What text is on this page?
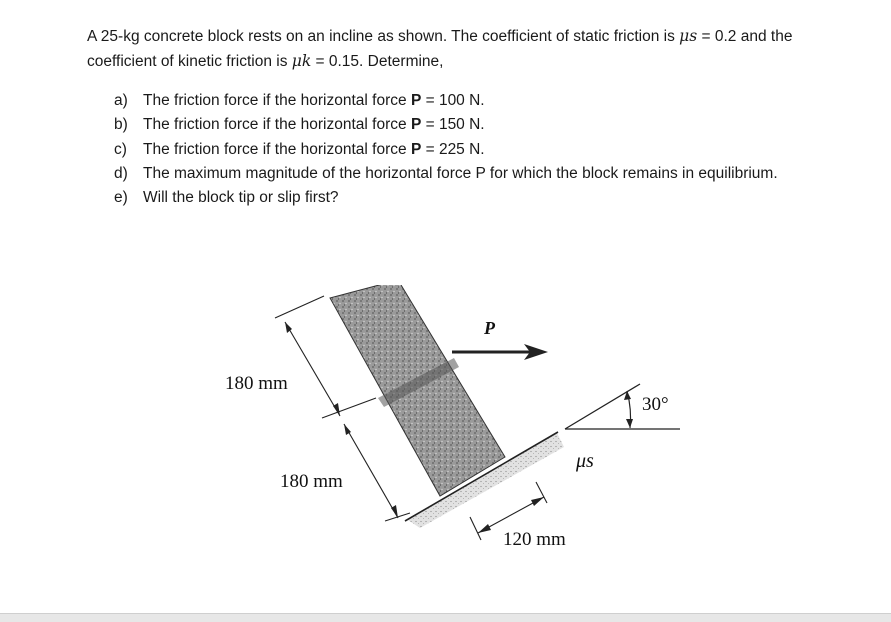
A 25-kg concrete block rests on an incline as shown. The coefficient of static friction is μs = 0.2 and the coefficient of kinetic friction is μk = 0.15. Determine,

a) The friction force if the horizontal force P = 100 N.
b) The friction force if the horizontal force P = 150 N.
c) The friction force if the horizontal force P = 225 N.
d) The maximum magnitude of the horizontal force P for which the block remains in equilibrium.
e) Will the block tip or slip first?
P
μs
30°
180 mm
180 mm
120 mm
